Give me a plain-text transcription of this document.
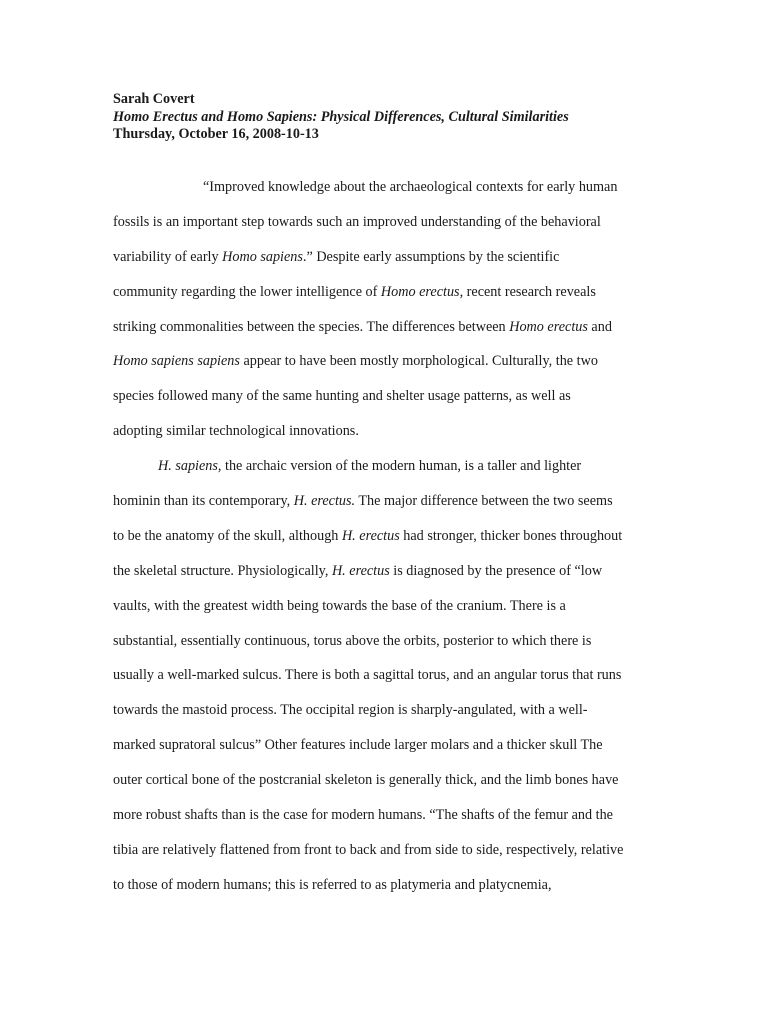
Sarah Covert
Homo Erectus and Homo Sapiens: Physical Differences, Cultural Similarities
Thursday, October 16, 2008-10-13
“Improved knowledge about the archaeological contexts for early human
fossils is an important step towards such an improved understanding of the behavioral
variability of early Homo sapiens.” Despite early assumptions by the scientific
community regarding the lower intelligence of Homo erectus, recent research reveals
striking commonalities between the species. The differences between Homo erectus and
Homo sapiens sapiens appear to have been mostly morphological. Culturally, the two
species followed many of the same hunting and shelter usage patterns, as well as
adopting similar technological innovations.
H. sapiens, the archaic version of the modern human, is a taller and lighter
hominin than its contemporary, H. erectus. The major difference between the two seems
to be the anatomy of the skull, although H. erectus had stronger, thicker bones throughout
the skeletal structure. Physiologically, H. erectus is diagnosed by the presence of “low
vaults, with the greatest width being towards the base of the cranium. There is a
substantial, essentially continuous, torus above the orbits, posterior to which there is
usually a well-marked sulcus. There is both a sagittal torus, and an angular torus that runs
towards the mastoid process. The occipital region is sharply-angulated, with a well-
marked supratoral sulcus” Other features include larger molars and a thicker skull The
outer cortical bone of the postcranial skeleton is generally thick, and the limb bones have
more robust shafts than is the case for modern humans. “The shafts of the femur and the
tibia are relatively flattened from front to back and from side to side, respectively, relative
to those of modern humans; this is referred to as platymeria and platycnemia,
